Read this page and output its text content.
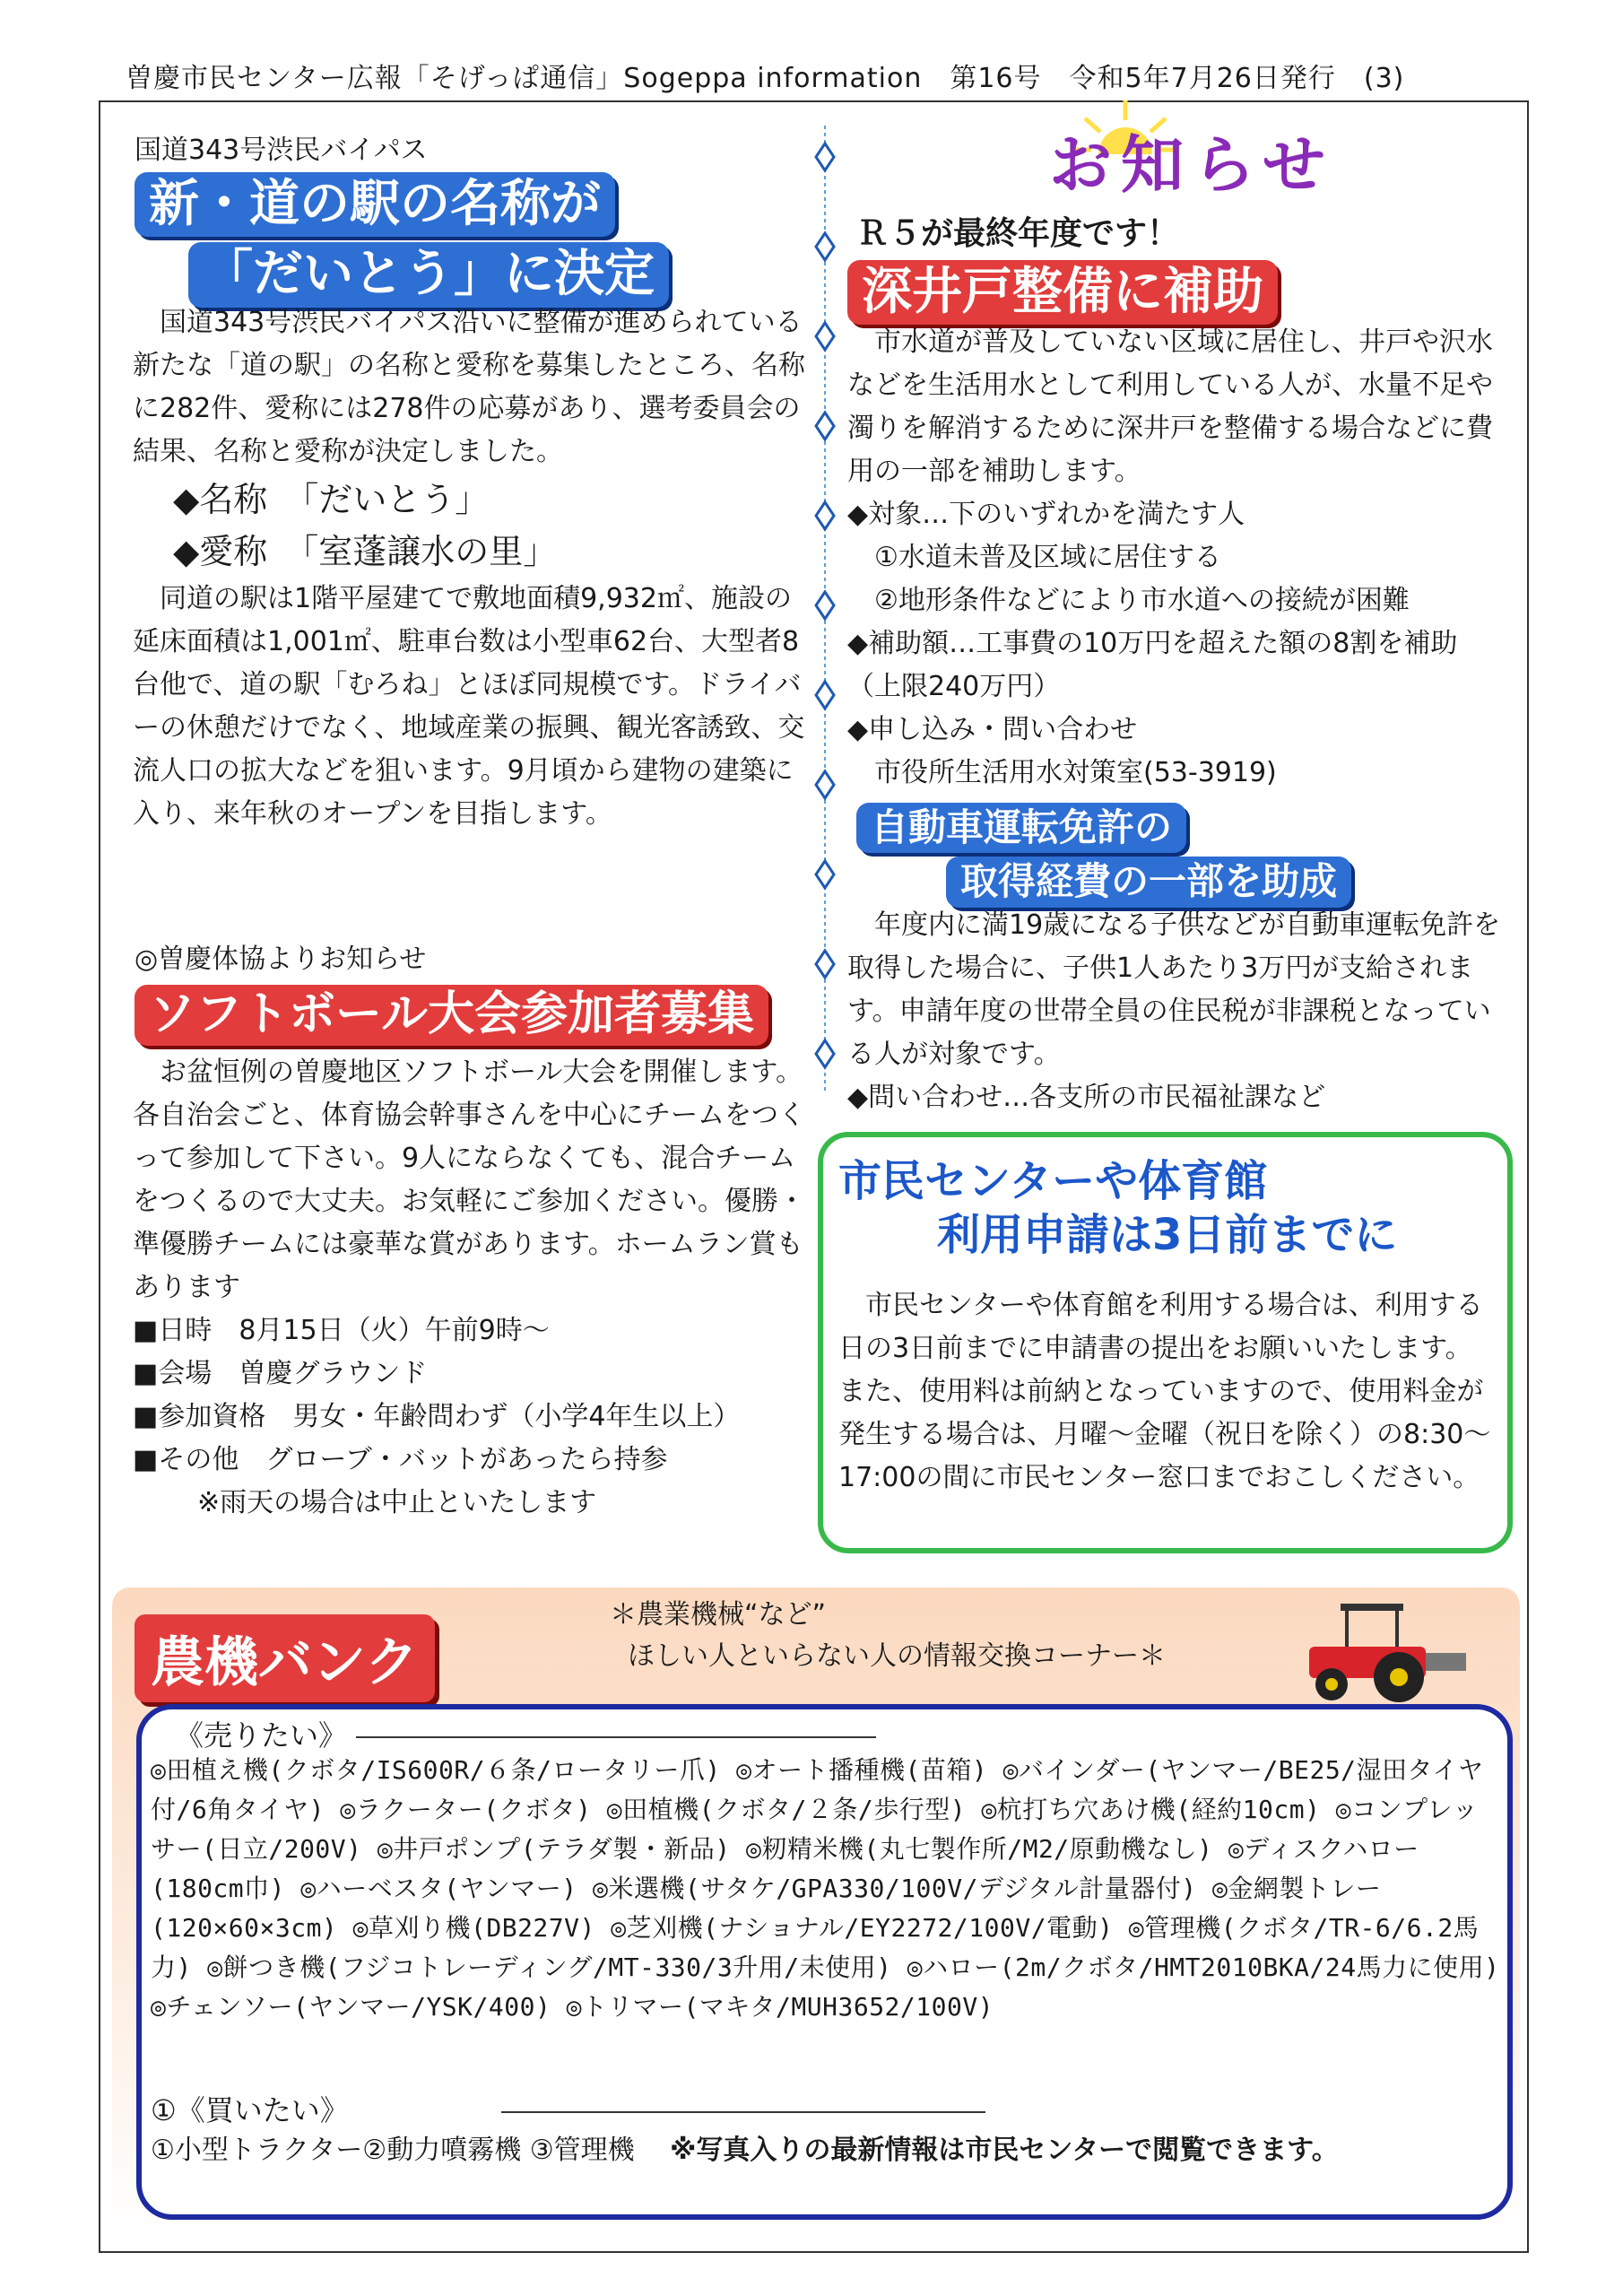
曽慶市民センター広報「そげっぱ通信」Sogeppa information　第16号　令和5年7月26日発行　(3)
国道343号渋民バイパス
新・道の駅の名称が
「だいとう」に決定

国道343号渋民バイパス沿いに整備が進められている新たな「道の駅」の名称と愛称を募集したところ、名称に282件、愛称には278件の応募があり、選考委員会の結果、名称と愛称が決定しました。

◆名称　「だいとう」

◆愛称　「室蓬譲水の里」

同道の駅は1階平屋建てで敷地面積9,932㎡、施設の延床面積は1,001㎡、駐車台数は小型車62台、大型者8台他で、道の駅「むろね」とほぼ同規模です。ドライバーの休憩だけでなく、地域産業の振興、観光客誘致、交流人口の拡大などを狙います。9月頃から建物の建築に入り、来年秋のオープンを目指します。

◎曽慶体協よりお知らせ
ソフトボール大会参加者募集

お盆恒例の曽慶地区ソフトボール大会を開催します。各自治会ごと、体育協会幹事さんを中心にチームをつくって参加して下さい。9人にならなくても、混合チームをつくるので大丈夫。お気軽にご参加ください。優勝・準優勝チームには豪華な賞があります。ホームラン賞もあります

■日時　8月15日（火）午前9時～

■会場　曽慶グラウンド

■参加資格　男女・年齢問わず（小学4年生以上）

■その他　グローブ・バットがあったら持参

※雨天の場合は中止といたします

お知らせ
Ｒ５が最終年度です！
深井戸整備に補助

市水道が普及していない区域に居住し、井戸や沢水などを生活用水として利用している人が、水量不足や濁りを解消するために深井戸を整備する場合などに費用の一部を補助します。

◆対象…下のいずれかを満たす人

①水道未普及区域に居住する

②地形条件などにより市水道への接続が困難

◆補助額…工事費の10万円を超えた額の8割を補助（上限240万円）

◆申し込み・問い合わせ

市役所生活用水対策室(53-3919)

自動車運転免許の
取得経費の一部を助成

年度内に満19歳になる子供などが自動車運転免許を取得した場合に、子供1人あたり3万円が支給されます。申請年度の世帯全員の住民税が非課税となっている人が対象です。

◆問い合わせ…各支所の市民福祉課など

市民センターや体育館
利用申請は3日前までに

市民センターや体育館を利用する場合は、利用する日の3日前までに申請書の提出をお願いいたします。また、使用料は前納となっていますので、使用料金が発生する場合は、月曜～金曜（祝日を除く）の8:30～17:00の間に市民センター窓口までおこしください。

農機バンク
＊農業機械“など”
ほしい人といらない人の情報交換コーナー＊
《売りたい》
◎田植え機(クボタ/IS600R/６条/ロータリー爪) ◎オート播種機(苗箱) ◎バインダー(ヤンマー/BE25/湿田タイヤ付/6角タイヤ) ◎ラクーター(クボタ) ◎田植機(クボタ/２条/歩行型) ◎杭打ち穴あけ機(経約10cm) ◎コンプレッサー(日立/200V) ◎井戸ポンプ(テラダ製・新品) ◎籾精米機(丸七製作所/M2/原動機なし) ◎ディスクハロー(180cm巾) ◎ハーベスタ(ヤンマー) ◎米選機(サタケ/GPA330/100V/デジタル計量器付) ◎金網製トレー(120×60×3cm) ◎草刈り機(DB227V) ◎芝刈機(ナショナル/EY2272/100V/電動) ◎管理機(クボタ/TR-6/6.2馬力) ◎餅つき機(フジコトレーディング/MT-330/3升用/未使用) ◎ハロー(2m/クボタ/HMT2010BKA/24馬力に使用) ◎チェンソー(ヤンマー/YSK/400) ◎トリマー(マキタ/MUH3652/100V)
①《買いたい》
①小型トラクター②動力噴霧機 ③管理機 ※写真入りの最新情報は市民センターで閲覧できます。
